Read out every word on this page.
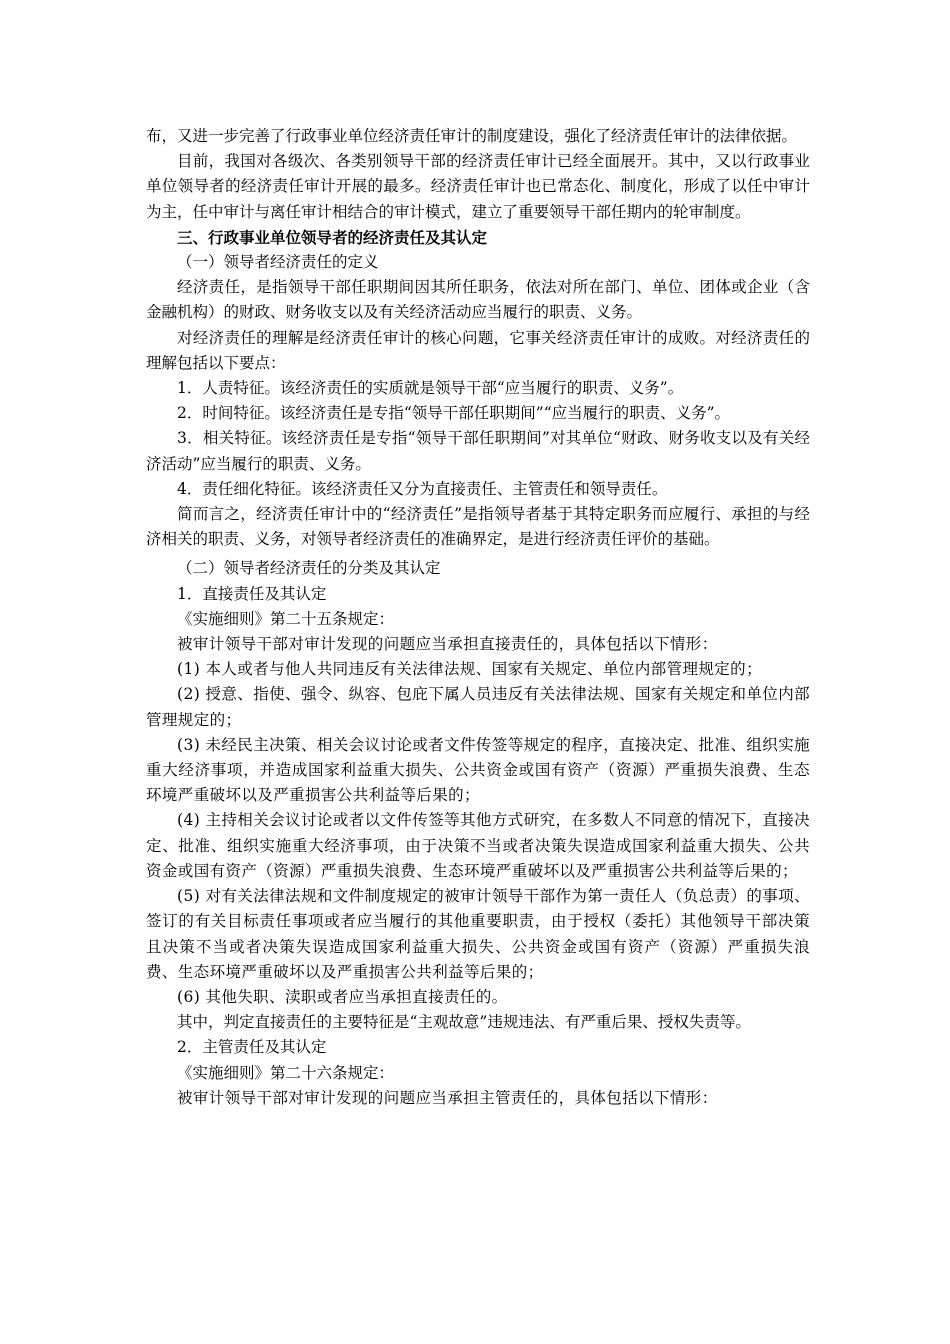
布，又进一步完善了行政事业单位经济责任审计的制度建设，强化了经济责任审计的法律依据。

目前，我国对各级次、各类别领导干部的经济责任审计已经全面展开。其中，又以行政事业单位领导者的经济责任审计开展的最多。经济责任审计也已常态化、制度化，形成了以任中审计为主，任中审计与离任审计相结合的审计模式，建立了重要领导干部任期内的轮审制度。

三、行政事业单位领导者的经济责任及其认定

（一）领导者经济责任的定义

经济责任，是指领导干部任职期间因其所任职务，依法对所在部门、单位、团体或企业（含金融机构）的财政、财务收支以及有关经济活动应当履行的职责、义务。

对经济责任的理解是经济责任审计的核心问题，它事关经济责任审计的成败。对经济责任的理解包括以下要点：

1．人责特征。该经济责任的实质就是领导干部“应当履行的职责、义务”。

2．时间特征。该经济责任是专指“领导干部任职期间”“应当履行的职责、义务”。

3．相关特征。该经济责任是专指“领导干部任职期间”对其单位“财政、财务收支以及有关经济活动”应当履行的职责、义务。

4．责任细化特征。该经济责任又分为直接责任、主管责任和领导责任。

简而言之，经济责任审计中的“经济责任”是指领导者基于其特定职务而应履行、承担的与经济相关的职责、义务，对领导者经济责任的准确界定，是进行经济责任评价的基础。

（二）领导者经济责任的分类及其认定

1．直接责任及其认定

《实施细则》第二十五条规定：

被审计领导干部对审计发现的问题应当承担直接责任的，具体包括以下情形：

(1) 本人或者与他人共同违反有关法律法规、国家有关规定、单位内部管理规定的；

(2) 授意、指使、强令、纵容、包庇下属人员违反有关法律法规、国家有关规定和单位内部管理规定的；

(3) 未经民主决策、相关会议讨论或者文件传签等规定的程序，直接决定、批准、组织实施重大经济事项，并造成国家利益重大损失、公共资金或国有资产（资源）严重损失浪费、生态环境严重破坏以及严重损害公共利益等后果的；

(4) 主持相关会议讨论或者以文件传签等其他方式研究，在多数人不同意的情况下，直接决定、批准、组织实施重大经济事项，由于决策不当或者决策失误造成国家利益重大损失、公共资金或国有资产（资源）严重损失浪费、生态环境严重破坏以及严重损害公共利益等后果的；

(5) 对有关法律法规和文件制度规定的被审计领导干部作为第一责任人（负总责）的事项、签订的有关目标责任事项或者应当履行的其他重要职责，由于授权（委托）其他领导干部决策且决策不当或者决策失误造成国家利益重大损失、公共资金或国有资产（资源）严重损失浪费、生态环境严重破坏以及严重损害公共利益等后果的；

(6) 其他失职、渎职或者应当承担直接责任的。

其中，判定直接责任的主要特征是“主观故意”违规违法、有严重后果、授权失责等。

2．主管责任及其认定

《实施细则》第二十六条规定：

被审计领导干部对审计发现的问题应当承担主管责任的，具体包括以下情形：
